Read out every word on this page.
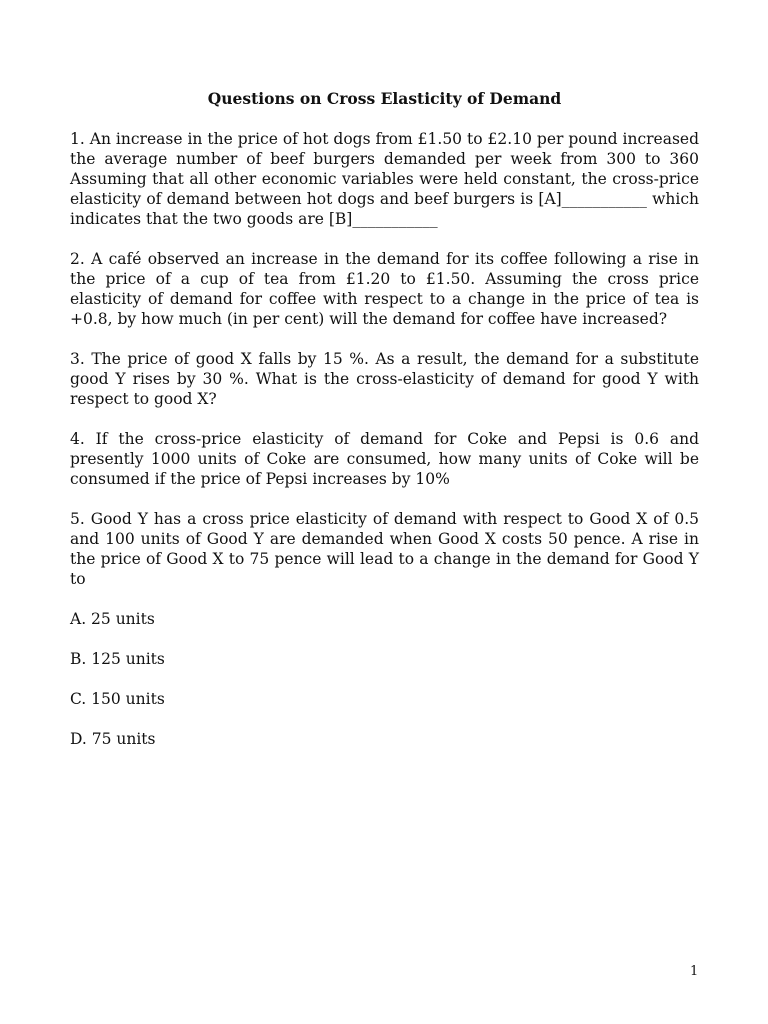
Questions on Cross Elasticity of Demand

1. An increase in the price of hot dogs from £1.50 to £2.10 per pound increased the average number of beef burgers demanded per week from 300 to 360 Assuming that all other economic variables were held constant, the cross-price elasticity of demand between hot dogs and beef burgers is [A]___________ which indicates that the two goods are [B]___________

2. A café observed an increase in the demand for its coffee following a rise in the price of a cup of tea from £1.20 to £1.50. Assuming the cross price elasticity of demand for coffee with respect to a change in the price of tea is +0.8, by how much (in per cent) will the demand for coffee have increased?

3. The price of good X falls by 15 %. As a result, the demand for a substitute good Y rises by 30 %. What is the cross-elasticity of demand for good Y with respect to good X?

4. If the cross-price elasticity of demand for Coke and Pepsi is 0.6 and presently 1000 units of Coke are consumed, how many units of Coke will be consumed if the price of Pepsi increases by 10%

5. Good Y has a cross price elasticity of demand with respect to Good X of 0.5 and 100 units of Good Y are demanded when Good X costs 50 pence. A rise in the price of Good X to 75 pence will lead to a change in the demand for Good Y to

A. 25 units
B. 125 units
C. 150 units
D. 75 units
1
